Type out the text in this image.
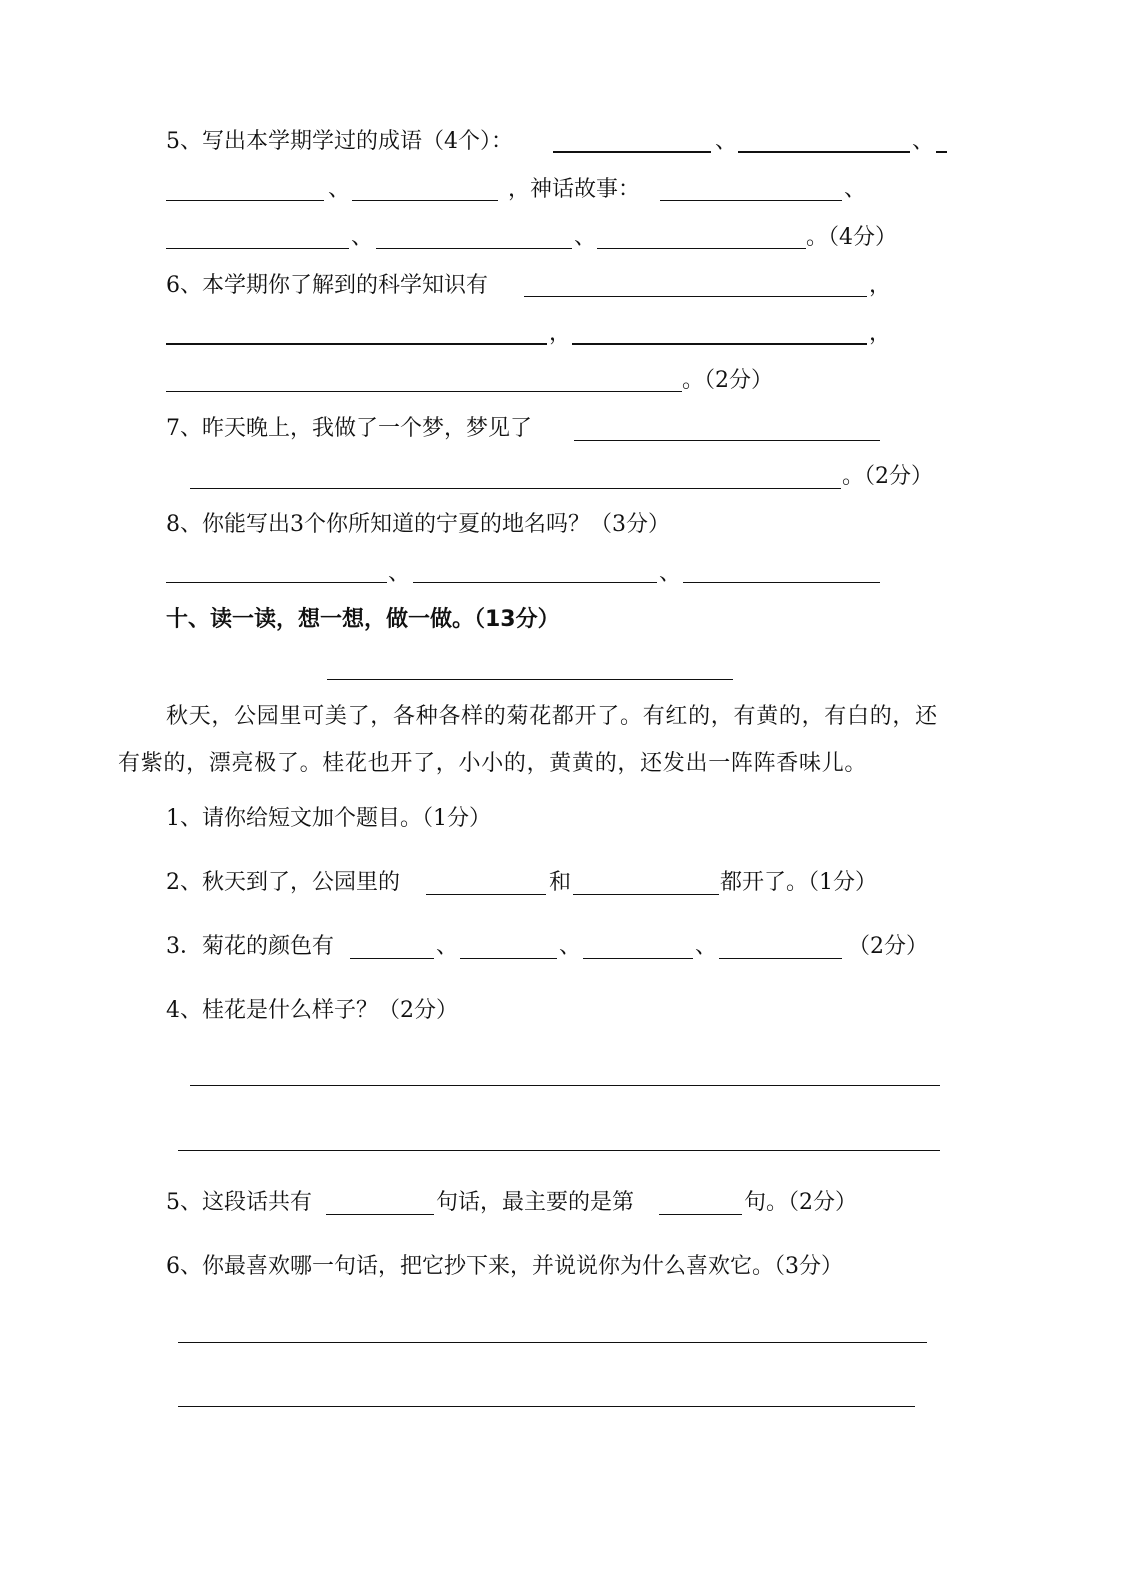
5、写出本学期学过的成语（4个）：	、	、
、	，神话故事：	、
、	、	。（4分）
6、本学期你了解到的科学知识有	，
，	，
。（2分）
7、昨天晚上，我做了一个梦，梦见了
。（2分）
8、你能写出3个你所知道的宁夏的地名吗？（3分）
、	、
十、读一读，想一想，做一做。（13分）
秋天，公园里可美了，各种各样的菊花都开了。有红的，有黄的，有白的，还
有紫的，漂亮极了。桂花也开了，小小的，黄黄的，还发出一阵阵香味儿。
1、请你给短文加个题目。（1分）
2、秋天到了，公园里的	和	都开了。（1分）
3．菊花的颜色有	、	、	、	（2分）
4、桂花是什么样子？（2分）
5、这段话共有	句话，最主要的是第	句。（2分）
6、你最喜欢哪一句话，把它抄下来，并说说你为什么喜欢它。（3分）
